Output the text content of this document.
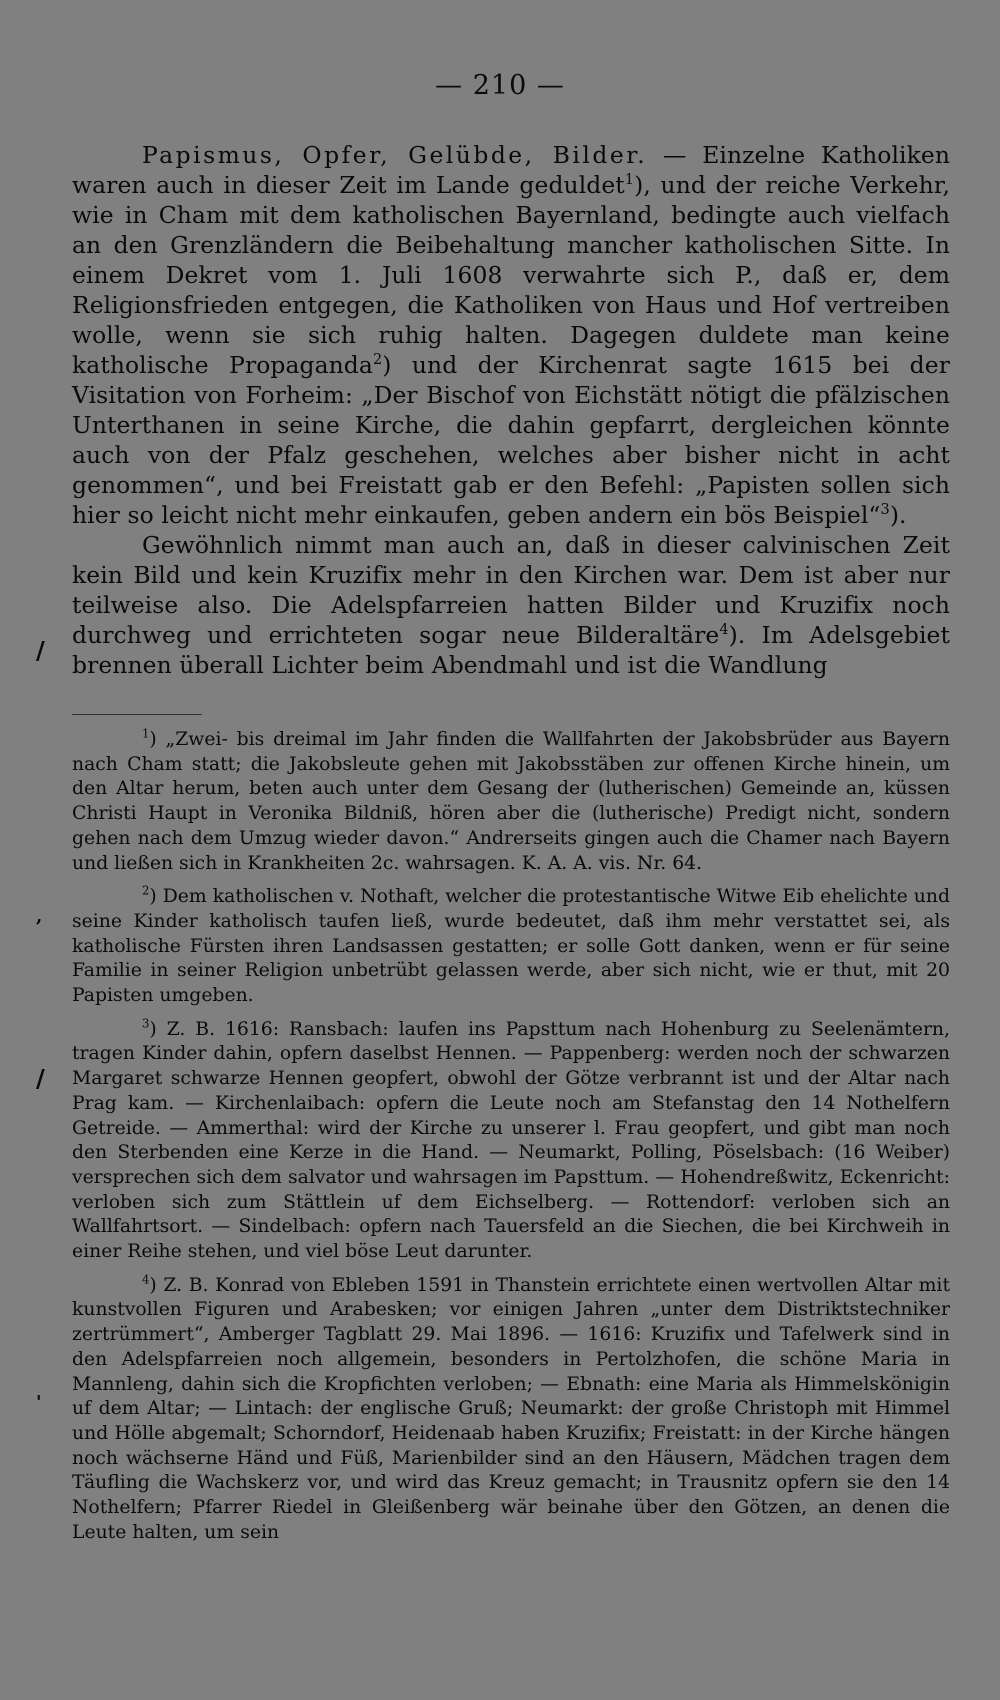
— 210 —

Papismus, Opfer, Gelübde, Bilder. — Einzelne Katholiken waren auch in dieser Zeit im Lande geduldet$^1$), und der reiche Verkehr, wie in Cham mit dem katholischen Bayernland, bedingte auch vielfach an den Grenzländern die Beibehaltung mancher katholischen Sitte. In einem Dekret vom 1. Juli 1608 verwahrte sich P., daß er, dem Religionsfrieden entgegen, die Katholiken von Haus und Hof vertreiben wolle, wenn sie sich ruhig halten. Dagegen duldete man keine katholische Propaganda$^2$) und der Kirchenrat sagte 1615 bei der Visitation von Forheim: „Der Bischof von Eichstätt nötigt die pfälzischen Unterthanen in seine Kirche, die dahin gepfarrt, dergleichen könnte auch von der Pfalz geschehen, welches aber bisher nicht in acht genommen“, und bei Freistatt gab er den Befehl: „Papisten sollen sich hier so leicht nicht mehr einkaufen, geben andern ein bös Beispiel“$^3$).

Gewöhnlich nimmt man auch an, daß in dieser calvinischen Zeit kein Bild und kein Kruzifix mehr in den Kirchen war. Dem ist aber nur teilweise also. Die Adelspfarreien hatten Bilder und Kruzifix noch durchweg und errichteten sogar neue Bilderaltäre$^4$). Im Adelsgebiet brennen überall Lichter beim Abendmahl und ist die Wandlung

/

$^1$) „Zwei- bis dreimal im Jahr finden die Wallfahrten der Jakobsbrüder aus Bayern nach Cham statt; die Jakobsleute gehen mit Jakobsstäben zur offenen Kirche hinein, um den Altar herum, beten auch unter dem Gesang der (lutherischen) Gemeinde an, küssen Christi Haupt in Veronika Bildniß, hören aber die (lutherische) Predigt nicht, sondern gehen nach dem Umzug wieder davon.“ Andrerseits gingen auch die Chamer nach Bayern und ließen sich in Krankheiten 2c. wahrsagen. K. A. A. vis. Nr. 64.

$^2$) Dem katholischen v. Nothaft, welcher die protestantische Witwe Eib ehelichte und seine Kinder katholisch taufen ließ, wurde bedeutet, daß ihm mehr verstattet sei, als katholische Fürsten ihren Landsassen gestatten; er solle Gott danken, wenn er für seine Familie in seiner Religion unbetrübt gelassen werde, aber sich nicht, wie er thut, mit 20 Papisten umgeben.

$^3$) Z. B. 1616: Ransbach: laufen ins Papsttum nach Hohenburg zu Seelenämtern, tragen Kinder dahin, opfern daselbst Hennen. — Pappenberg: werden noch der schwarzen Margaret schwarze Hennen geopfert, obwohl der Götze verbrannt ist und der Altar nach Prag kam. — Kirchenlaibach: opfern die Leute noch am Stefanstag den 14 Nothelfern Getreide. — Ammerthal: wird der Kirche zu unserer l. Frau geopfert, und gibt man noch den Sterbenden eine Kerze in die Hand. — Neumarkt, Polling, Pöselsbach: (16 Weiber) versprechen sich dem salvator und wahrsagen im Papsttum. — Hohendreßwitz, Eckenricht: verloben sich zum Stättlein uf dem Eichselberg. — Rottendorf: verloben sich an Wallfahrtsort. — Sindelbach: opfern nach Tauersfeld an die Siechen, die bei Kirchweih in einer Reihe stehen, und viel böse Leut darunter.

$^4$) Z. B. Konrad von Ebleben 1591 in Thanstein errichtete einen wertvollen Altar mit kunstvollen Figuren und Arabesken; vor einigen Jahren „unter dem Distriktstechniker zertrümmert“, Amberger Tagblatt 29. Mai 1896. — 1616: Kruzifix und Tafelwerk sind in den Adelspfarreien noch allgemein, besonders in Pertolzhofen, die schöne Maria in Mannleng, dahin sich die Kropfichten verloben; — Ebnath: eine Maria als Himmelskönigin uf dem Altar; — Lintach: der englische Gruß; Neumarkt: der große Christoph mit Himmel und Hölle abgemalt; Schorndorf, Heidenaab haben Kruzifix; Freistatt: in der Kirche hängen noch wächserne Händ und Füß, Marienbilder sind an den Häusern, Mädchen tragen dem Täufling die Wachskerz vor, und wird das Kreuz gemacht; in Trausnitz opfern sie den 14 Nothelfern; Pfarrer Riedel in Gleißenberg wär beinahe über den Götzen, an denen die Leute halten, um sein

,
/
'
